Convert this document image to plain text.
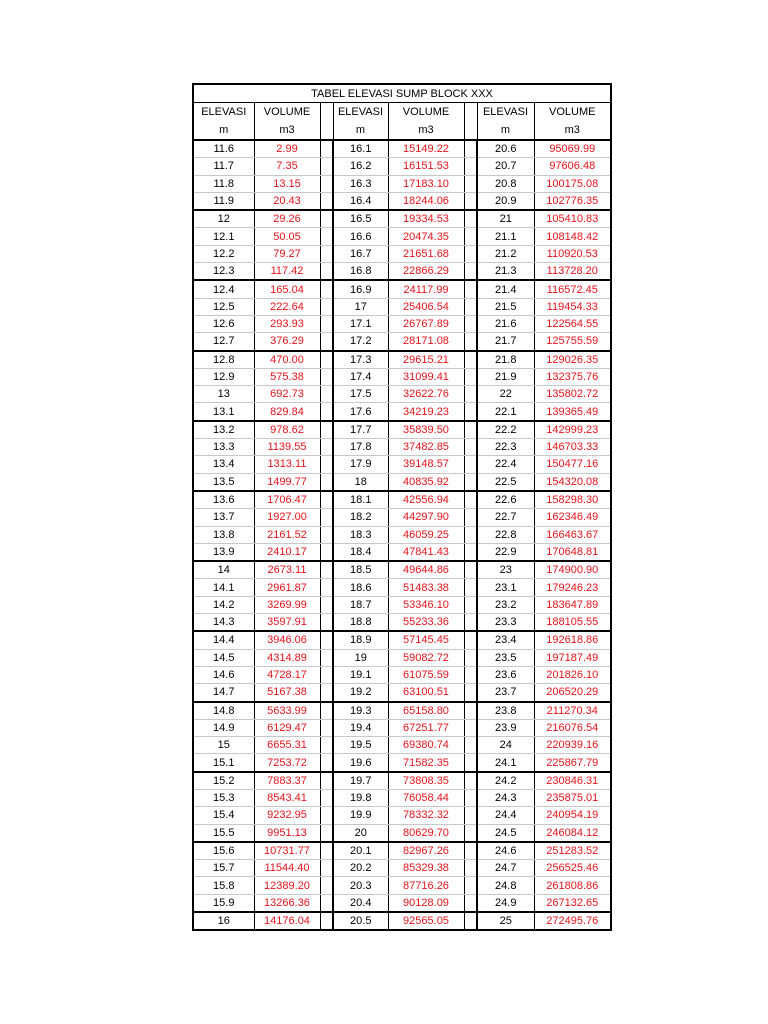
TABEL ELEVASI SUMP BLOCK XXX							
ELEVASI	VOLUME		ELEVASI	VOLUME		ELEVASI	VOLUME
m	m3		m	m3		m	m3
11.6	2.99		16.1	15149.22		20.6	95069.99
11.7	7.35		16.2	16151.53		20.7	97606.48
11.8	13.15		16.3	17183.10		20.8	100175.08
11.9	20.43		16.4	18244.06		20.9	102776.35
12	29.26		16.5	19334.53		21	105410.83
12.1	50.05		16.6	20474.35		21.1	108148.42
12.2	79.27		16.7	21651.68		21.2	110920.53
12.3	117.42		16.8	22866.29		21.3	113728.20
12.4	165.04		16.9	24117.99		21.4	116572.45
12.5	222.64		17	25406.54		21.5	119454.33
12.6	293.93		17.1	26767.89		21.6	122564.55
12.7	376.29		17.2	28171.08		21.7	125755.59
12.8	470.00		17.3	29615.21		21.8	129026.35
12.9	575.38		17.4	31099.41		21.9	132375.76
13	692.73		17.5	32622.76		22	135802.72
13.1	829.84		17.6	34219.23		22.1	139365.49
13.2	978.62		17.7	35839.50		22.2	142999.23
13.3	1139.55		17.8	37482.85		22.3	146703.33
13.4	1313.11		17.9	39148.57		22.4	150477.16
13.5	1499.77		18	40835.92		22.5	154320.08
13.6	1706.47		18.1	42556.94		22.6	158298.30
13.7	1927.00		18.2	44297.90		22.7	162346.49
13.8	2161.52		18.3	46059.25		22.8	166463.67
13.9	2410.17		18.4	47841.43		22.9	170648.81
14	2673.11		18.5	49644.86		23	174900.90
14.1	2961.87		18.6	51483.38		23.1	179246.23
14.2	3269.99		18.7	53346.10		23.2	183647.89
14.3	3597.91		18.8	55233.36		23.3	188105.55
14.4	3946.06		18.9	57145.45		23.4	192618.86
14.5	4314.89		19	59082.72		23.5	197187.49
14.6	4728.17		19.1	61075.59		23.6	201826.10
14.7	5167.38		19.2	63100.51		23.7	206520.29
14.8	5633.99		19.3	65158.80		23.8	211270.34
14.9	6129.47		19.4	67251.77		23.9	216076.54
15	6655.31		19.5	69380.74		24	220939.16
15.1	7253.72		19.6	71582.35		24.1	225867.79
15.2	7883.37		19.7	73808.35		24.2	230846.31
15.3	8543.41		19.8	76058.44		24.3	235875.01
15.4	9232.95		19.9	78332.32		24.4	240954.19
15.5	9951.13		20	80629.70		24.5	246084.12
15.6	10731.77		20.1	82967.26		24.6	251283.52
15.7	11544.40		20.2	85329.38		24.7	256525.46
15.8	12389.20		20.3	87716.26		24.8	261808.86
15.9	13266.36		20.4	90128.09		24.9	267132.65
16	14176.04		20.5	92565.05		25	272495.76
